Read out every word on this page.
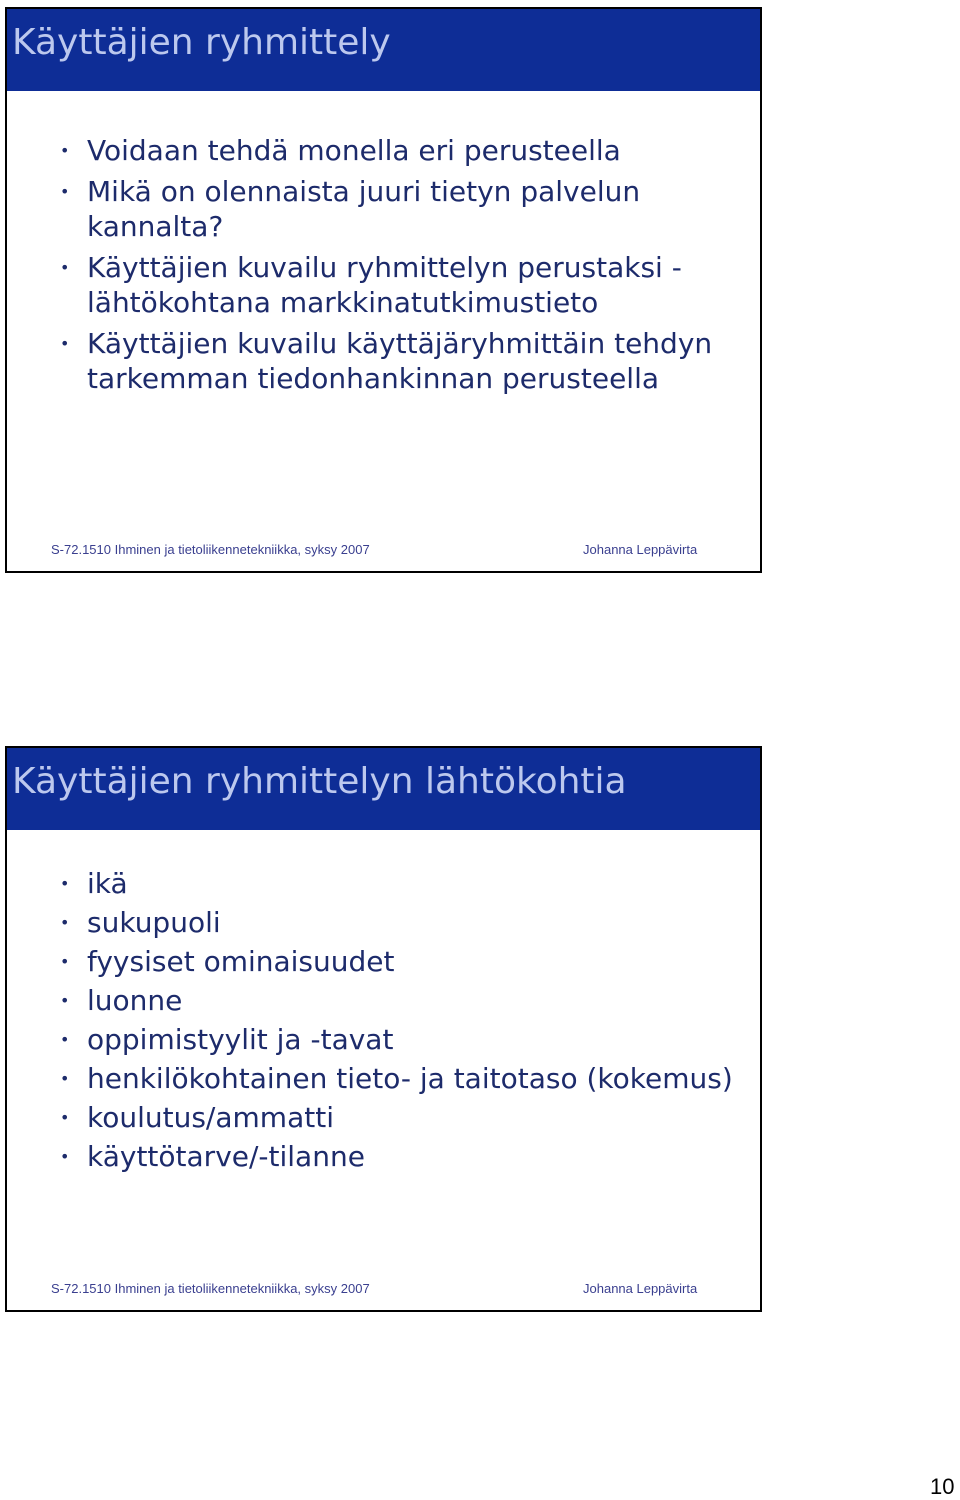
Käyttäjien ryhmittely
• Voidaan tehdä monella eri perusteella
• Mikä on olennaista juuri tietyn palvelun kannalta?
• Käyttäjien kuvailu ryhmittelyn perustaksi - lähtökohtana markkinatutkimustieto
• Käyttäjien kuvailu käyttäjäryhmittäin tehdyn tarkemman tiedonhankinnan perusteella
S-72.1510 Ihminen ja tietoliikennetekniikka, syksy 2007	Johanna Leppävirta
Käyttäjien ryhmittelyn lähtökohtia
• ikä
• sukupuoli
• fyysiset ominaisuudet
• luonne
• oppimistyylit ja -tavat
• henkilökohtainen tieto- ja taitotaso (kokemus)
• koulutus/ammatti
• käyttötarve/-tilanne
S-72.1510 Ihminen ja tietoliikennetekniikka, syksy 2007	Johanna Leppävirta
10
